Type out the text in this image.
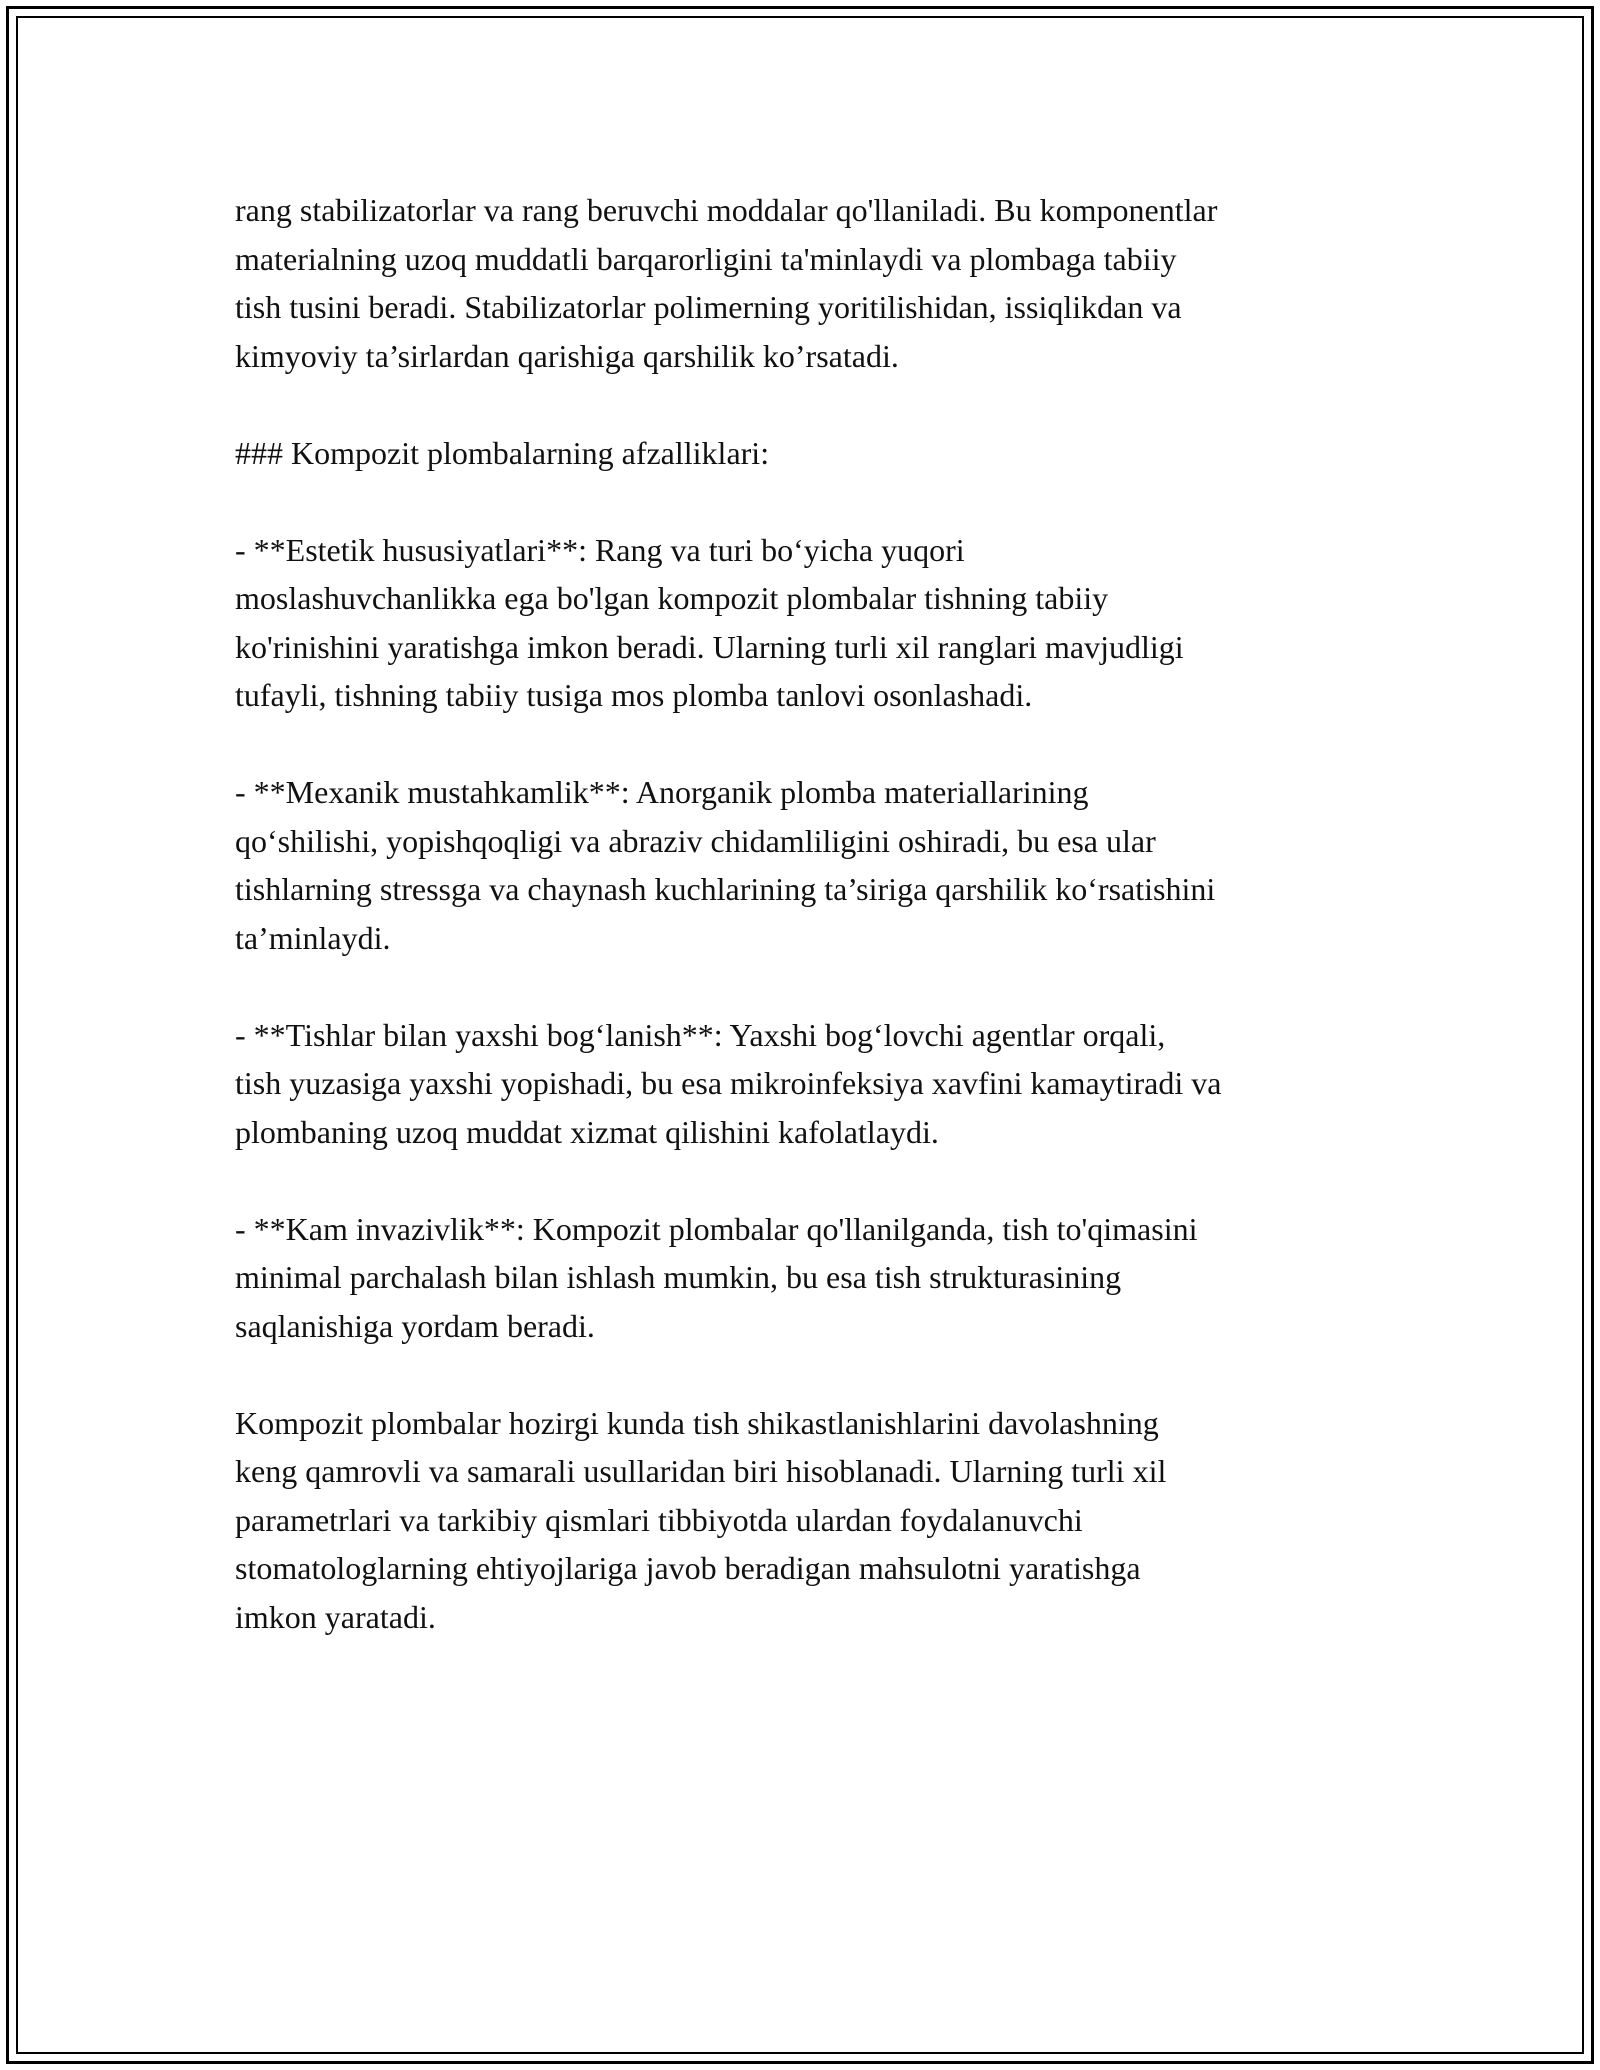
rang stabilizatorlar va rang beruvchi moddalar qo'llaniladi. Bu komponentlar
materialning uzoq muddatli barqarorligini ta'minlaydi va plombaga tabiiy
tish tusini beradi. Stabilizatorlar polimerning yoritilishidan, issiqlikdan va
kimyoviy ta’sirlardan qarishiga qarshilik ko’rsatadi.

### Kompozit plombalarning afzalliklari:

- **Estetik hususiyatlari**: Rang va turi bo‘yicha yuqori
moslashuvchanlikka ega bo'lgan kompozit plombalar tishning tabiiy
ko'rinishini yaratishga imkon beradi. Ularning turli xil ranglari mavjudligi
tufayli, tishning tabiiy tusiga mos plomba tanlovi osonlashadi.

- **Mexanik mustahkamlik**: Anorganik plomba materiallarining
qo‘shilishi, yopishqoqligi va abraziv chidamliligini oshiradi, bu esa ular
tishlarning stressga va chaynash kuchlarining ta’siriga qarshilik ko‘rsatishini
ta’minlaydi.

- **Tishlar bilan yaxshi bog‘lanish**: Yaxshi bog‘lovchi agentlar orqali,
tish yuzasiga yaxshi yopishadi, bu esa mikroinfeksiya xavfini kamaytiradi va
plombaning uzoq muddat xizmat qilishini kafolatlaydi.

- **Kam invazivlik**: Kompozit plombalar qo'llanilganda, tish to'qimasini
minimal parchalash bilan ishlash mumkin, bu esa tish strukturasining
saqlanishiga yordam beradi.

Kompozit plombalar hozirgi kunda tish shikastlanishlarini davolashning
keng qamrovli va samarali usullaridan biri hisoblanadi. Ularning turli xil
parametrlari va tarkibiy qismlari tibbiyotda ulardan foydalanuvchi
stomatologlarning ehtiyojlariga javob beradigan mahsulotni yaratishga
imkon yaratadi.
